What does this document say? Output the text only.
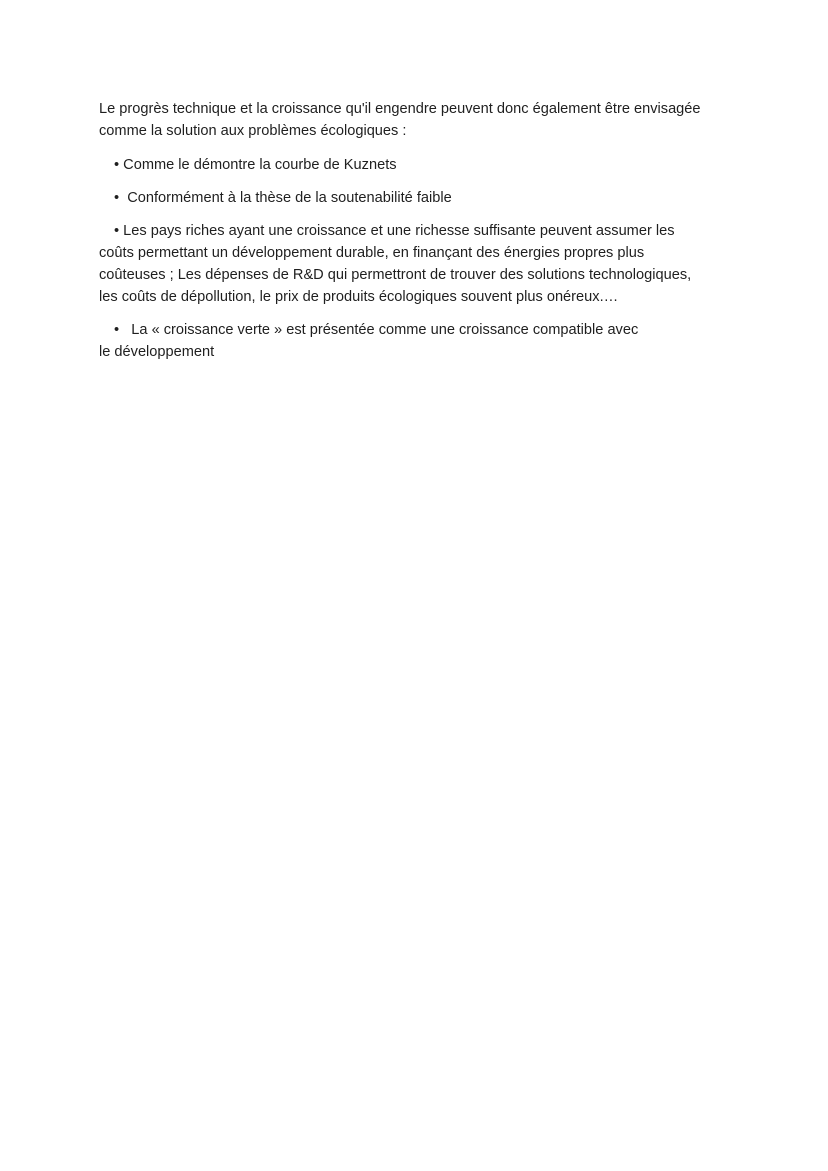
Le progrès technique et la croissance qu'il engendre peuvent donc également être envisagée
comme la solution aux problèmes écologiques :

• Comme le démontre la courbe de Kuznets

• Conformément à la thèse de la soutenabilité faible

• Les pays riches ayant une croissance et une richesse suffisante peuvent assumer les
coûts permettant un développement durable, en finançant des énergies propres plus
coûteuses ; Les dépenses de R&D qui permettront de trouver des solutions technologiques,
les coûts de dépollution, le prix de produits écologiques souvent plus onéreux.…

• La « croissance verte » est présentée comme une croissance compatible avec
le développement
